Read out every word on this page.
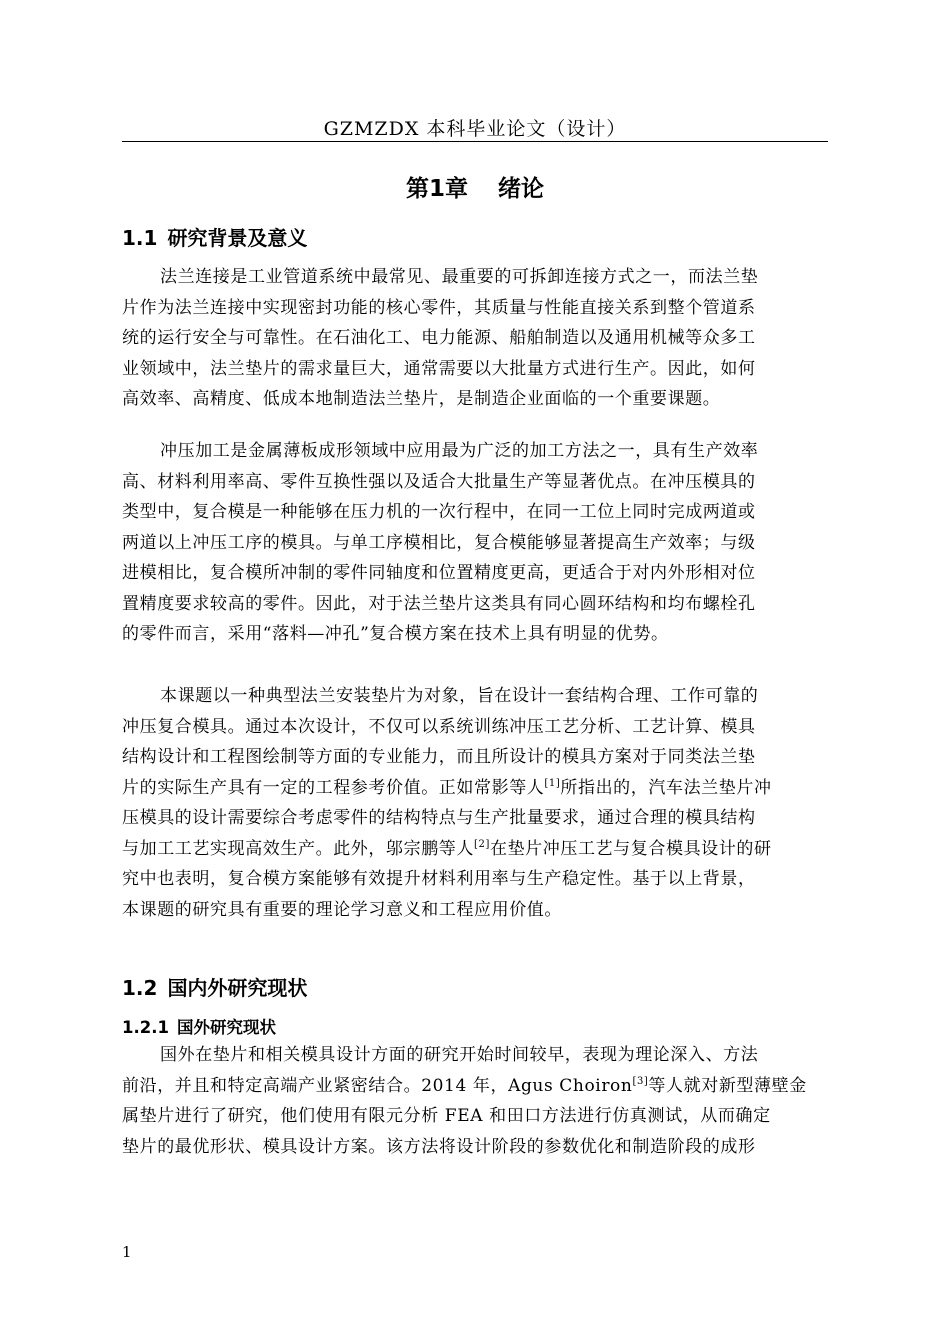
GZMZDX 本科毕业论文（设计）
第1章 绪论
1.1 研究背景及意义
法兰连接是工业管道系统中最常见、最重要的可拆卸连接方式之一，而法兰垫
片作为法兰连接中实现密封功能的核心零件，其质量与性能直接关系到整个管道系
统的运行安全与可靠性。在石油化工、电力能源、船舶制造以及通用机械等众多工
业领域中，法兰垫片的需求量巨大，通常需要以大批量方式进行生产。因此，如何
高效率、高精度、低成本地制造法兰垫片，是制造企业面临的一个重要课题。
冲压加工是金属薄板成形领域中应用最为广泛的加工方法之一，具有生产效率
高、材料利用率高、零件互换性强以及适合大批量生产等显著优点。在冲压模具的
类型中，复合模是一种能够在压力机的一次行程中，在同一工位上同时完成两道或
两道以上冲压工序的模具。与单工序模相比，复合模能够显著提高生产效率；与级
进模相比，复合模所冲制的零件同轴度和位置精度更高，更适合于对内外形相对位
置精度要求较高的零件。因此，对于法兰垫片这类具有同心圆环结构和均布螺栓孔
的零件而言，采用“落料—冲孔”复合模方案在技术上具有明显的优势。
本课题以一种典型法兰安装垫片为对象，旨在设计一套结构合理、工作可靠的
冲压复合模具。通过本次设计，不仅可以系统训练冲压工艺分析、工艺计算、模具
结构设计和工程图绘制等方面的专业能力，而且所设计的模具方案对于同类法兰垫
片的实际生产具有一定的工程参考价值。正如常影等人[1]所指出的，汽车法兰垫片冲
压模具的设计需要综合考虑零件的结构特点与生产批量要求，通过合理的模具结构
与加工工艺实现高效生产。此外，邬宗鹏等人[2]在垫片冲压工艺与复合模具设计的研
究中也表明，复合模方案能够有效提升材料利用率与生产稳定性。基于以上背景，
本课题的研究具有重要的理论学习意义和工程应用价值。
1.2 国内外研究现状
1.2.1 国外研究现状
国外在垫片和相关模具设计方面的研究开始时间较早，表现为理论深入、方法
前沿，并且和特定高端产业紧密结合。2014 年，Agus Choiron[3]等人就对新型薄壁金
属垫片进行了研究，他们使用有限元分析 FEA 和田口方法进行仿真测试，从而确定
垫片的最优形状、模具设计方案。该方法将设计阶段的参数优化和制造阶段的成形
1
